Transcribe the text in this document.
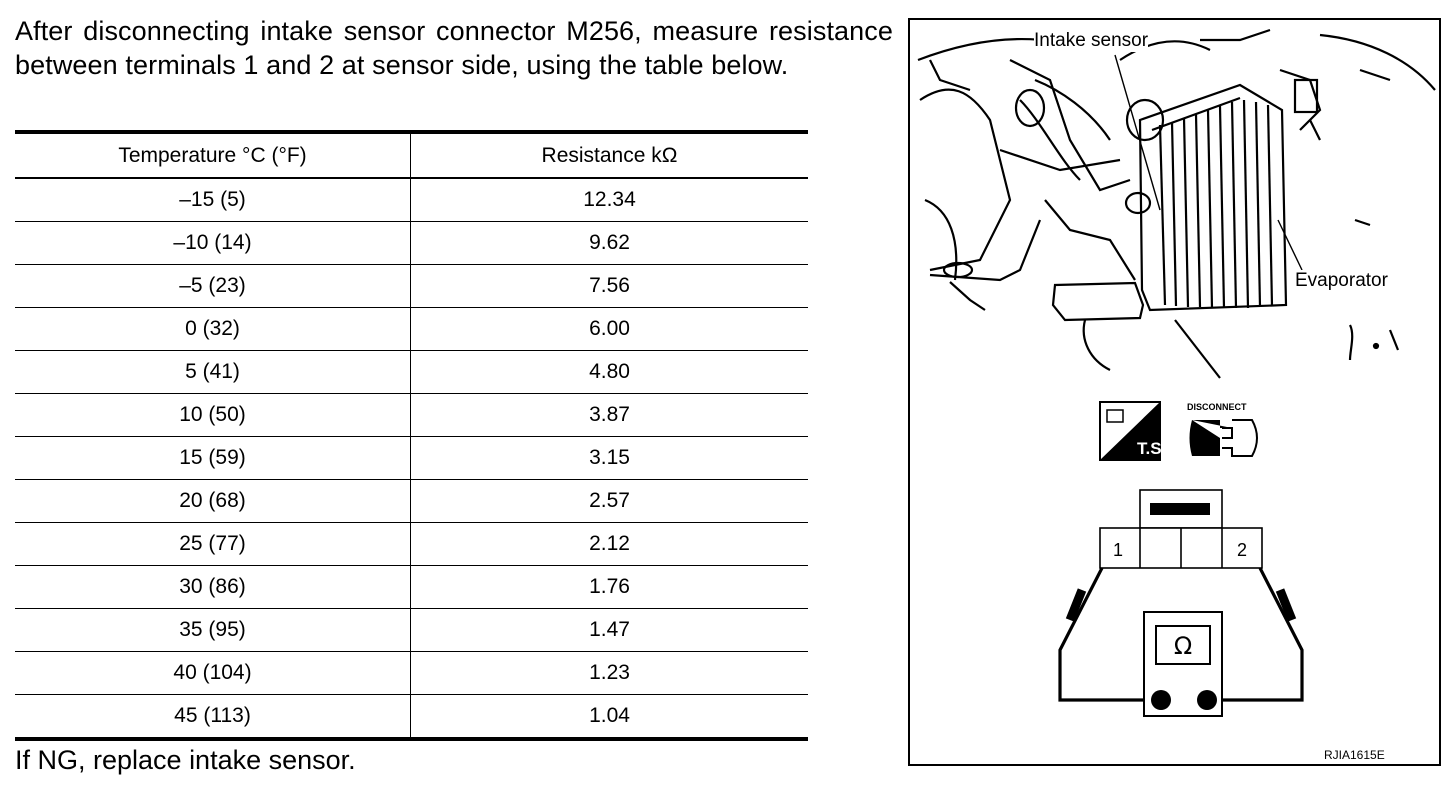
After disconnecting intake sensor connector M256, measure resistance between terminals 1 and 2 at sensor side, using the table below.

Temperature °C (°F)	Resistance kΩ
–15 (5)	12.34
–10 (14)	9.62
–5 (23)	7.56
0 (32)	6.00
5 (41)	4.80
10 (50)	3.87
15 (59)	3.15
20 (68)	2.57
25 (77)	2.12
30 (86)	1.76
35 (95)	1.47
40 (104)	1.23
45 (113)	1.04

If NG, replace intake sensor.

T.S.
DISCONNECT
1	2
Ω
Intake sensor
Evaporator
RJIA1615E
